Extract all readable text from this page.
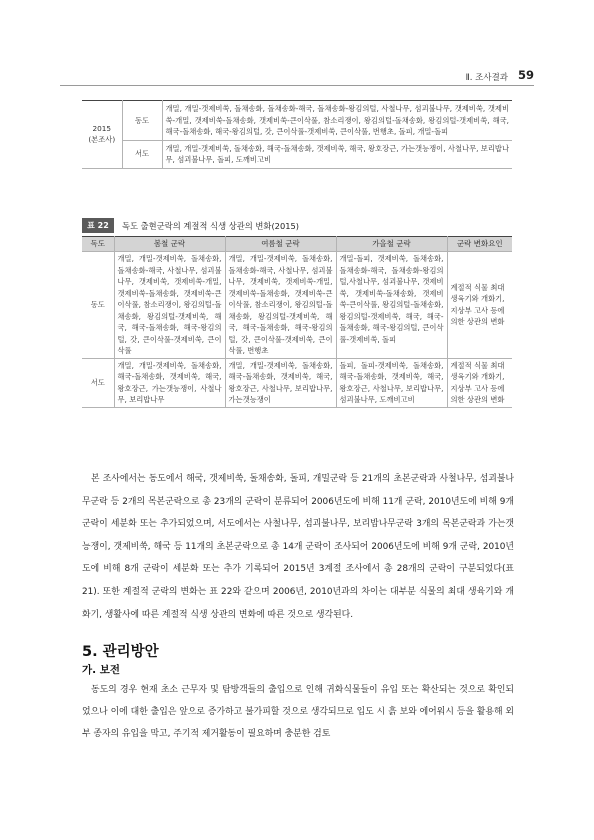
Ⅱ. 조사결과 59
2015
(본조사)	동도	개밀, 개밀-갯제비쑥, 돌채송화, 돌채송화-해국, 돌채송화-왕김의털, 사철나무, 섬괴불나무, 갯제비쑥, 갯제비쑥-개밀, 갯제비쑥-돌채송화, 갯제비쑥-큰이삭풀, 참소리쟁이, 왕김의털-돌채송화, 왕김의털-갯제비쑥, 해국, 해국-돌채송화, 해국-왕김의털, 갓, 큰이삭풀-갯제비쑥, 큰이삭풀, 번행초, 돌피, 개밀-돌피
	서도	개밀, 개밀-갯제비쑥, 돌채송화, 해국-돌채송화, 갯제비쑥, 해국, 왕호장근, 가는갯능쟁이, 사철나무, 보리밥나무, 섬괴불나무, 돌피, 도깨비고비
표 22	독도 출현군락의 계절적 식생 상관의 변화(2015)
독도	봄철 군락	여름철 군락	가을철 군락	군락 변화요인
동도	개밀, 개밀-갯제비쑥, 돌채송화, 돌채송화-해국, 사철나무, 섬괴불나무, 갯제비쑥, 갯제비쑥-개밀, 갯제비쑥-돌채송화, 갯제비쑥-큰이삭풀, 참소리쟁이, 왕김의털-돌채송화, 왕김의털-갯제비쑥, 해국, 해국-돌채송화, 해국-왕김의털, 갓, 큰이삭풀-갯제비쑥, 큰이삭풀	개밀, 개밀-갯제비쑥, 돌채송화, 돌채송화-해국, 사철나무, 섬괴불나무, 갯제비쑥, 갯제비쑥-개밀, 갯제비쑥-돌채송화, 갯제비쑥-큰이삭풀, 참소리쟁이, 왕김의털-돌채송화, 왕김의털-갯제비쑥, 해국, 해국-돌채송화, 해국-왕김의털, 갓, 큰이삭풀-갯제비쑥, 큰이삭풀, 번행초	개밀-돌피, 갯제비쑥, 돌채송화, 돌채송화-해국, 돌채송화-왕김의털,사철나무, 섬괴불나무, 갯제비쑥, 갯제비쑥-돌채송화, 갯제비쑥-큰이삭풀, 왕김의털-돌채송화, 왕김의털-갯제비쑥, 해국, 해국-돌채송화, 해국-왕김의털, 큰이삭풀-갯제비쑥, 돌피	계절적 식물 최대생육기와 개화기, 지상부 고사 등에 의한 상관의 변화
서도	개밀, 개밀-갯제비쑥, 돌채송화, 해국-돌채송화, 갯제비쑥, 해국, 왕호장근, 가는갯능쟁이, 사철나무, 보리밥나무	개밀, 개밀-갯제비쑥, 돌채송화, 해국-돌채송화, 갯제비쑥, 해국, 왕호장근, 사철나무, 보리밥나무, 가는갯능쟁이	돌피, 돌피-갯제비쑥, 돌채송화, 해국-돌채송화, 갯제비쑥, 해국, 왕호장근, 사철나무, 보리밥나무, 섬괴불나무, 도깨비고비	계절적 식물 최대생육기와 개화기, 지상부 고사 등에 의한 상관의 변화

본 조사에서는 동도에서 해국, 갯제비쑥, 돌채송화, 돌피, 개밀군락 등 21개의 초본군락과 사철나무, 섬괴불나무군락 등 2개의 목본군락으로 총 23개의 군락이 분류되어 2006년도에 비해 11개 군락, 2010년도에 비해 9개 군락이 세분화 또는 추가되었으며, 서도에서는 사철나무, 섬괴불나무, 보리밥나무군락 3개의 목본군락과 가는갯능쟁이, 갯제비쑥, 해국 등 11개의 초본군락으로 총 14개 군락이 조사되어 2006년도에 비해 9개 군락, 2010년도에 비해 8개 군락이 세분화 또는 추가 기록되어 2015년 3계절 조사에서 총 28개의 군락이 구분되었다(표 21). 또한 계절적 군락의 변화는 표 22와 같으며 2006년, 2010년과의 차이는 대부분 식물의 최대 생육기와 개화기, 생활사에 따른 계절적 식생 상관의 변화에 따른 것으로 생각된다.

5. 관리방안
가. 보전

동도의 경우 현재 초소 근무자 및 탐방객들의 출입으로 인해 귀화식물들이 유입 또는 확산되는 것으로 확인되었으나 이에 대한 출입은 앞으로 증가하고 불가피할 것으로 생각되므로 입도 시 흙 보와 에어워시 등을 활용해 외부 종자의 유입을 막고, 주기적 제거활동이 필요하며 충분한 검토
